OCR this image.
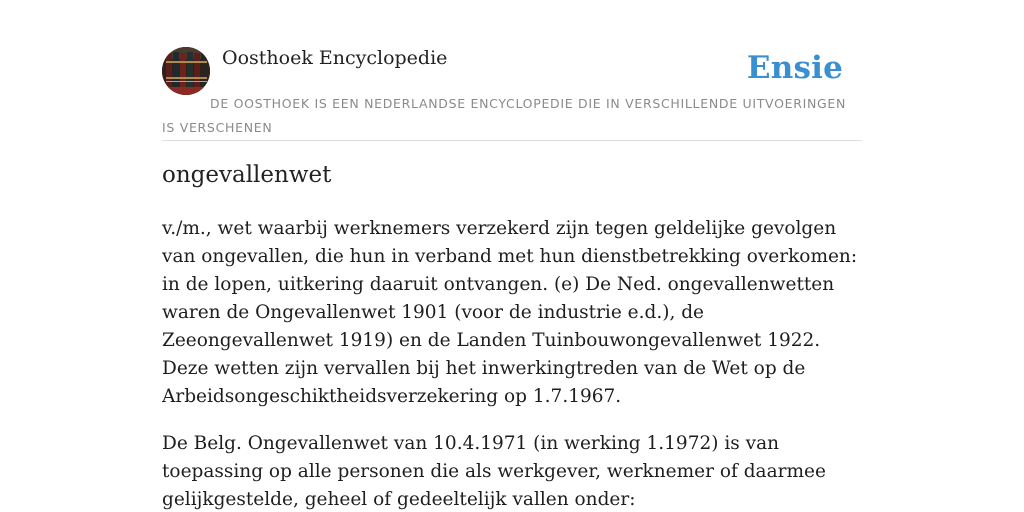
Oosthoek Encyclopedie	Ensie
DE OOSTHOEK IS EEN NEDERLANDSE ENCYCLOPEDIE DIE IN VERSCHILLENDE UITVOERINGEN IS VERSCHENEN
ongevallenwet

v./m., wet waarbij werknemers verzekerd zijn tegen geldelijke gevolgen van ongevallen, die hun in verband met hun dienstbetrekking overkomen: in de lopen, uitkering daaruit ontvangen. (e) De Ned. ongevallenwetten waren de Ongevallenwet 1901 (voor de industrie e.d.), de Zeeongevallenwet 1919) en de Landen Tuinbouwongevallenwet 1922. Deze wetten zijn vervallen bij het inwerkingtreden van de Wet op de Arbeidsongeschiktheidsverzekering op 1.7.1967.

De Belg. Ongevallenwet van 10.4.1971 (in werking 1.1972) is van toepassing op alle personen die als werkgever, werknemer of daarmee gelijkgestelde, geheel of gedeeltelijk vallen onder:
